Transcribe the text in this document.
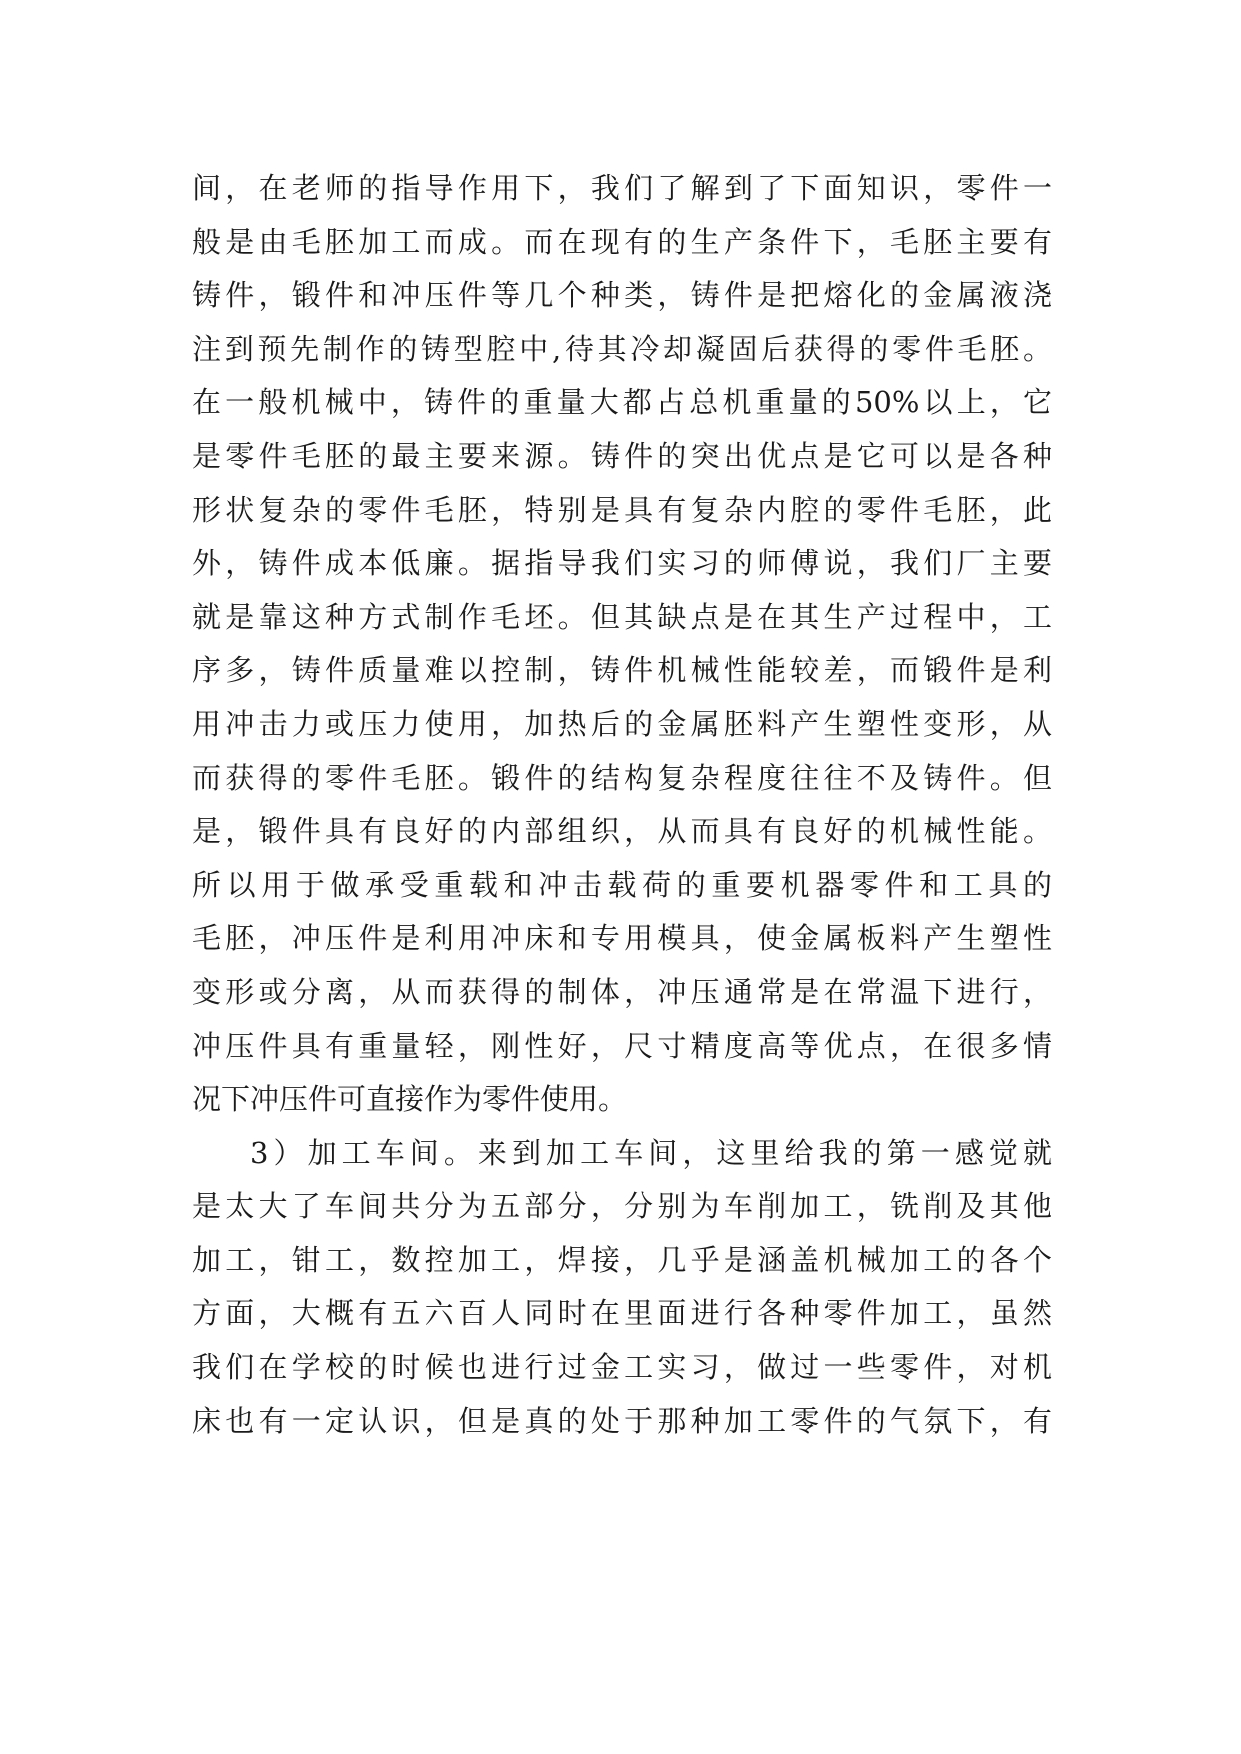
间，在老师的指导作用下，我们了解到了下面知识，零件一
般是由毛胚加工而成。而在现有的生产条件下，毛胚主要有
铸件，锻件和冲压件等几个种类，铸件是把熔化的金属液浇
注到预先制作的铸型腔中,待其冷却凝固后获得的零件毛胚。
在一般机械中，铸件的重量大都占总机重量的50%以上，它
是零件毛胚的最主要来源。铸件的突出优点是它可以是各种
形状复杂的零件毛胚，特别是具有复杂内腔的零件毛胚，此
外，铸件成本低廉。据指导我们实习的师傅说，我们厂主要
就是靠这种方式制作毛坯。但其缺点是在其生产过程中，工
序多，铸件质量难以控制，铸件机械性能较差，而锻件是利
用冲击力或压力使用，加热后的金属胚料产生塑性变形，从
而获得的零件毛胚。锻件的结构复杂程度往往不及铸件。但
是，锻件具有良好的内部组织，从而具有良好的机械性能。
所以用于做承受重载和冲击载荷的重要机器零件和工具的
毛胚，冲压件是利用冲床和专用模具，使金属板料产生塑性
变形或分离，从而获得的制体，冲压通常是在常温下进行，
冲压件具有重量轻，刚性好，尺寸精度高等优点，在很多情
况下冲压件可直接作为零件使用。
3）加工车间。来到加工车间，这里给我的第一感觉就
是太大了车间共分为五部分，分别为车削加工，铣削及其他
加工，钳工，数控加工，焊接，几乎是涵盖机械加工的各个
方面，大概有五六百人同时在里面进行各种零件加工，虽然
我们在学校的时候也进行过金工实习，做过一些零件，对机
床也有一定认识，但是真的处于那种加工零件的气氛下，有
